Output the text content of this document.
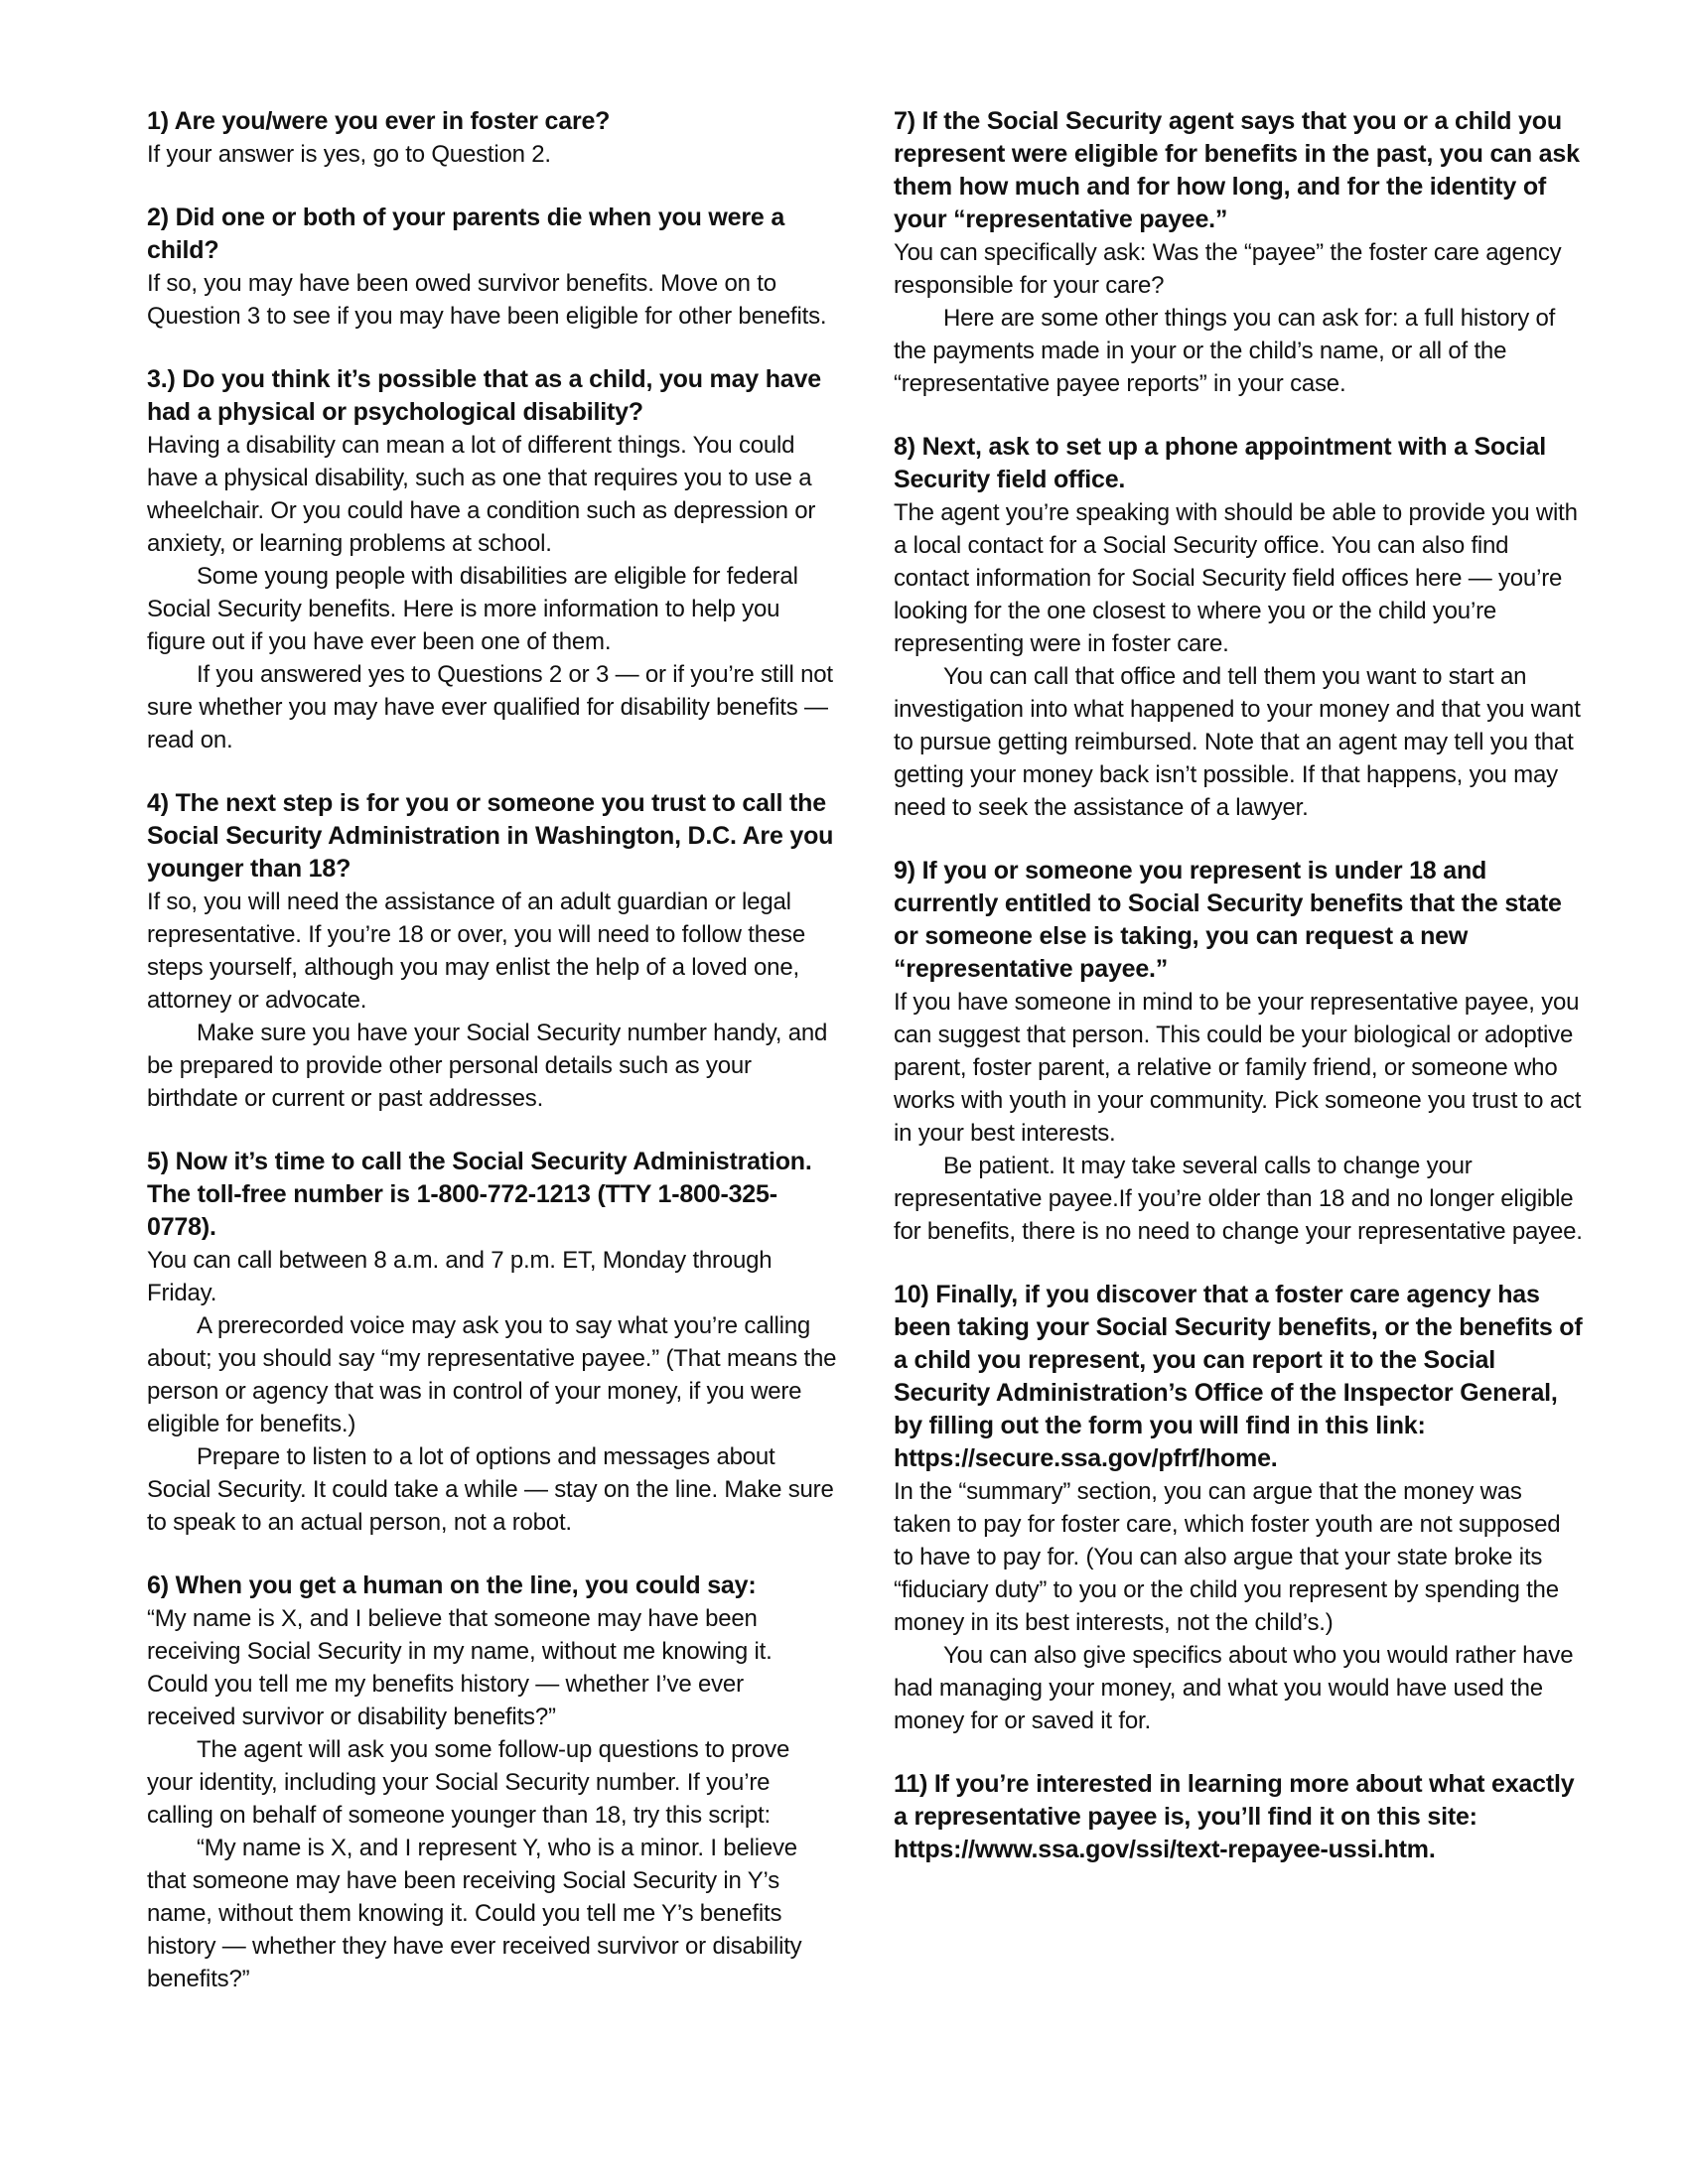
1) Are you/were you ever in foster care?

If your answer is yes, go to Question 2.

2) Did one or both of your parents die when you were a child?

If so, you may have been owed survivor benefits. Move on to Question 3 to see if you may have been eligible for other benefits.

3.) Do you think it’s possible that as a child, you may have had a physical or psychological disability?

Having a disability can mean a lot of different things. You could have a physical disability, such as one that requires you to use a wheelchair. Or you could have a condition such as depression or anxiety, or learning problems at school.

Some young people with disabilities are eligible for federal Social Security benefits. Here is more information to help you figure out if you have ever been one of them.

If you answered yes to Questions 2 or 3 — or if you’re still not sure whether you may have ever qualified for disability benefits — read on.

4) The next step is for you or someone you trust to call the Social Security Administration in Washington, D.C. Are you younger than 18?

If so, you will need the assistance of an adult guardian or legal representative. If you’re 18 or over, you will need to follow these steps yourself, although you may enlist the help of a loved one, attorney or advocate.

Make sure you have your Social Security number handy, and be prepared to provide other personal details such as your birthdate or current or past addresses.

5) Now it’s time to call the Social Security Administration. The toll-free number is 1-800-772-1213 (TTY 1-800-325-0778).

You can call between 8 a.m. and 7 p.m. ET, Monday through Friday.

A prerecorded voice may ask you to say what you’re calling about; you should say “my representative payee.” (That means the person or agency that was in control of your money, if you were eligible for benefits.)

Prepare to listen to a lot of options and messages about Social Security. It could take a while — stay on the line. Make sure to speak to an actual person, not a robot.

6) When you get a human on the line, you could say:

“My name is X, and I believe that someone may have been receiving Social Security in my name, without me knowing it. Could you tell me my benefits history — whether I’ve ever received survivor or disability benefits?”

The agent will ask you some follow-up questions to prove your identity, including your Social Security number. If you’re calling on behalf of someone younger than 18, try this script:

“My name is X, and I represent Y, who is a minor. I believe that someone may have been receiving Social Security in Y’s name, without them knowing it. Could you tell me Y’s benefits history — whether they have ever received survivor or disability benefits?”

7) If the Social Security agent says that you or a child you represent were eligible for benefits in the past, you can ask them how much and for how long, and for the identity of your “representative payee.”

You can specifically ask: Was the “payee” the foster care agency responsible for your care?

Here are some other things you can ask for: a full history of the payments made in your or the child’s name, or all of the “representative payee reports” in your case.

8) Next, ask to set up a phone appointment with a Social Security field office.

The agent you’re speaking with should be able to provide you with a local contact for a Social Security office. You can also find contact information for Social Security field offices here — you’re looking for the one closest to where you or the child you’re representing were in foster care.

You can call that office and tell them you want to start an investigation into what happened to your money and that you want to pursue getting reimbursed. Note that an agent may tell you that getting your money back isn’t possible. If that happens, you may need to seek the assistance of a lawyer.

9) If you or someone you represent is under 18 and currently entitled to Social Security benefits that the state or someone else is taking, you can request a new “representative payee.”

If you have someone in mind to be your representative payee, you can suggest that person. This could be your biological or adoptive parent, foster parent, a relative or family friend, or someone who works with youth in your community. Pick someone you trust to act in your best interests.

Be patient. It may take several calls to change your representative payee.If you’re older than 18 and no longer eligible for benefits, there is no need to change your representative payee.

10) Finally, if you discover that a foster care agency has been taking your Social Security benefits, or the benefits of a child you represent, you can report it to the Social Security Administration’s Office of the Inspector General, by filling out the form you will find in this link: https://secure.ssa.gov/pfrf/home.

In the “summary” section, you can argue that the money was taken to pay for foster care, which foster youth are not supposed to have to pay for. (You can also argue that your state broke its “fiduciary duty” to you or the child you represent by spending the money in its best interests, not the child’s.)

You can also give specifics about who you would rather have had managing your money, and what you would have used the money for or saved it for.

11) If you’re interested in learning more about what exactly a representative payee is, you’ll find it on this site: https://www.ssa.gov/ssi/text-repayee-ussi.htm.
